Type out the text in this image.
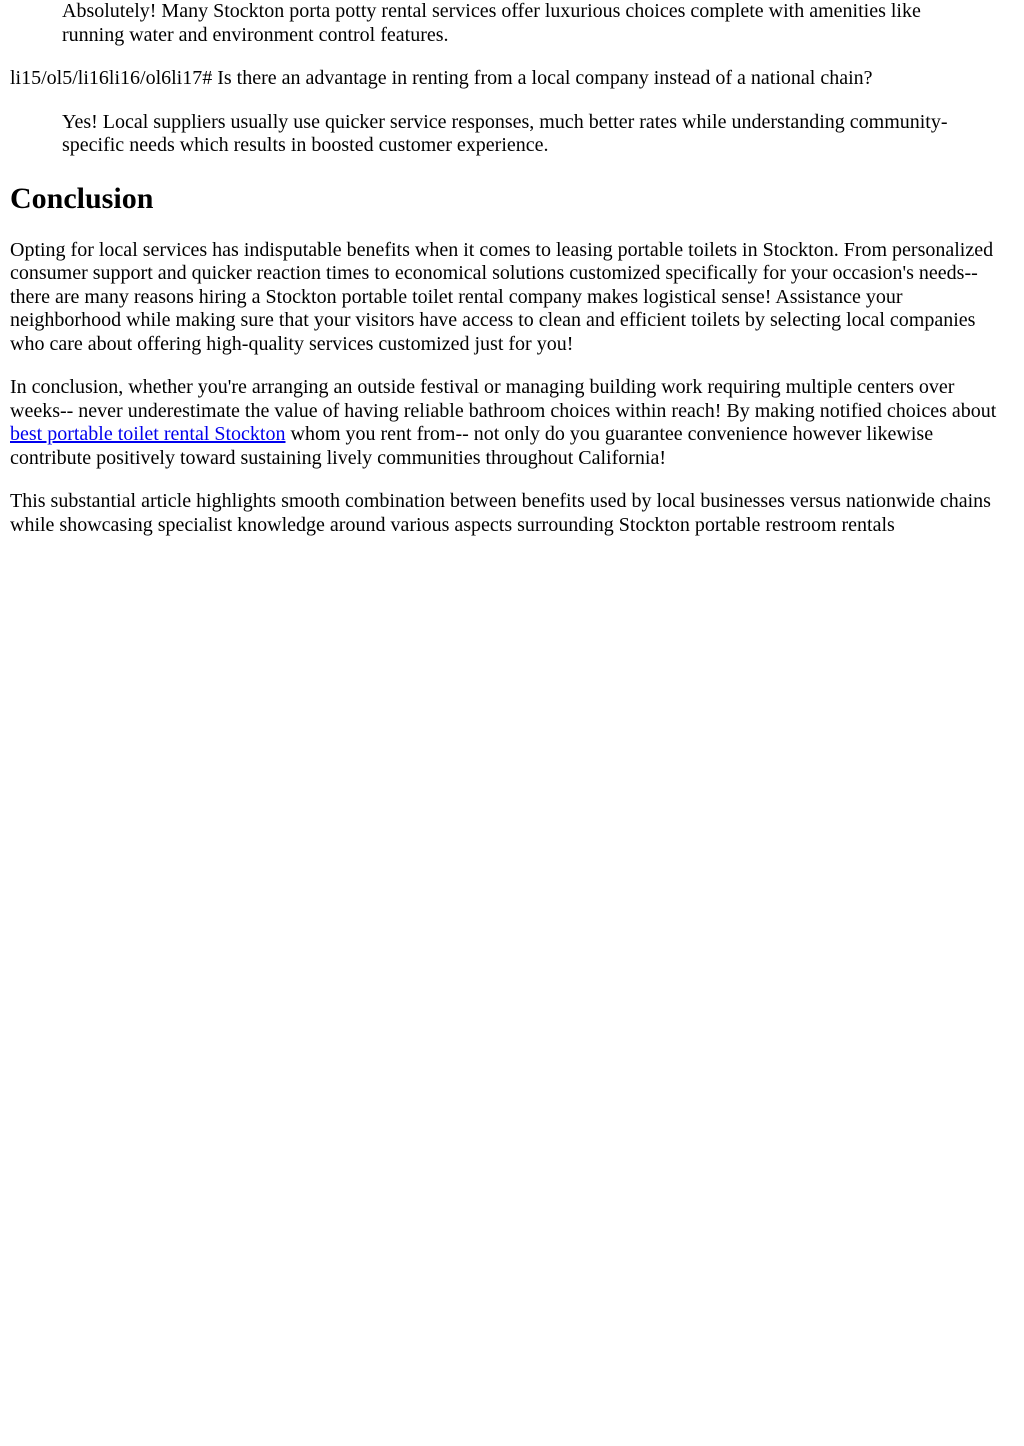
Absolutely! Many Stockton porta potty rental services offer luxurious choices complete with amenities like running water and environment control features.

li15/ol5/li16li16/ol6li17# Is there an advantage in renting from a local company instead of a national chain?

Yes! Local suppliers usually use quicker service responses, much better rates while understanding community-specific needs which results in boosted customer experience.

Conclusion

Opting for local services has indisputable benefits when it comes to leasing portable toilets in Stockton. From personalized consumer support and quicker reaction times to economical solutions customized specifically for your occasion's needs-- there are many reasons hiring a Stockton portable toilet rental company makes logistical sense! Assistance your neighborhood while making sure that your visitors have access to clean and efficient toilets by selecting local companies who care about offering high-quality services customized just for you!

In conclusion, whether you're arranging an outside festival or managing building work requiring multiple centers over weeks-- never underestimate the value of having reliable bathroom choices within reach! By making notified choices about best portable toilet rental Stockton whom you rent from-- not only do you guarantee convenience however likewise contribute positively toward sustaining lively communities throughout California!

This substantial article highlights smooth combination between benefits used by local businesses versus nationwide chains while showcasing specialist knowledge around various aspects surrounding Stockton portable restroom rentals
